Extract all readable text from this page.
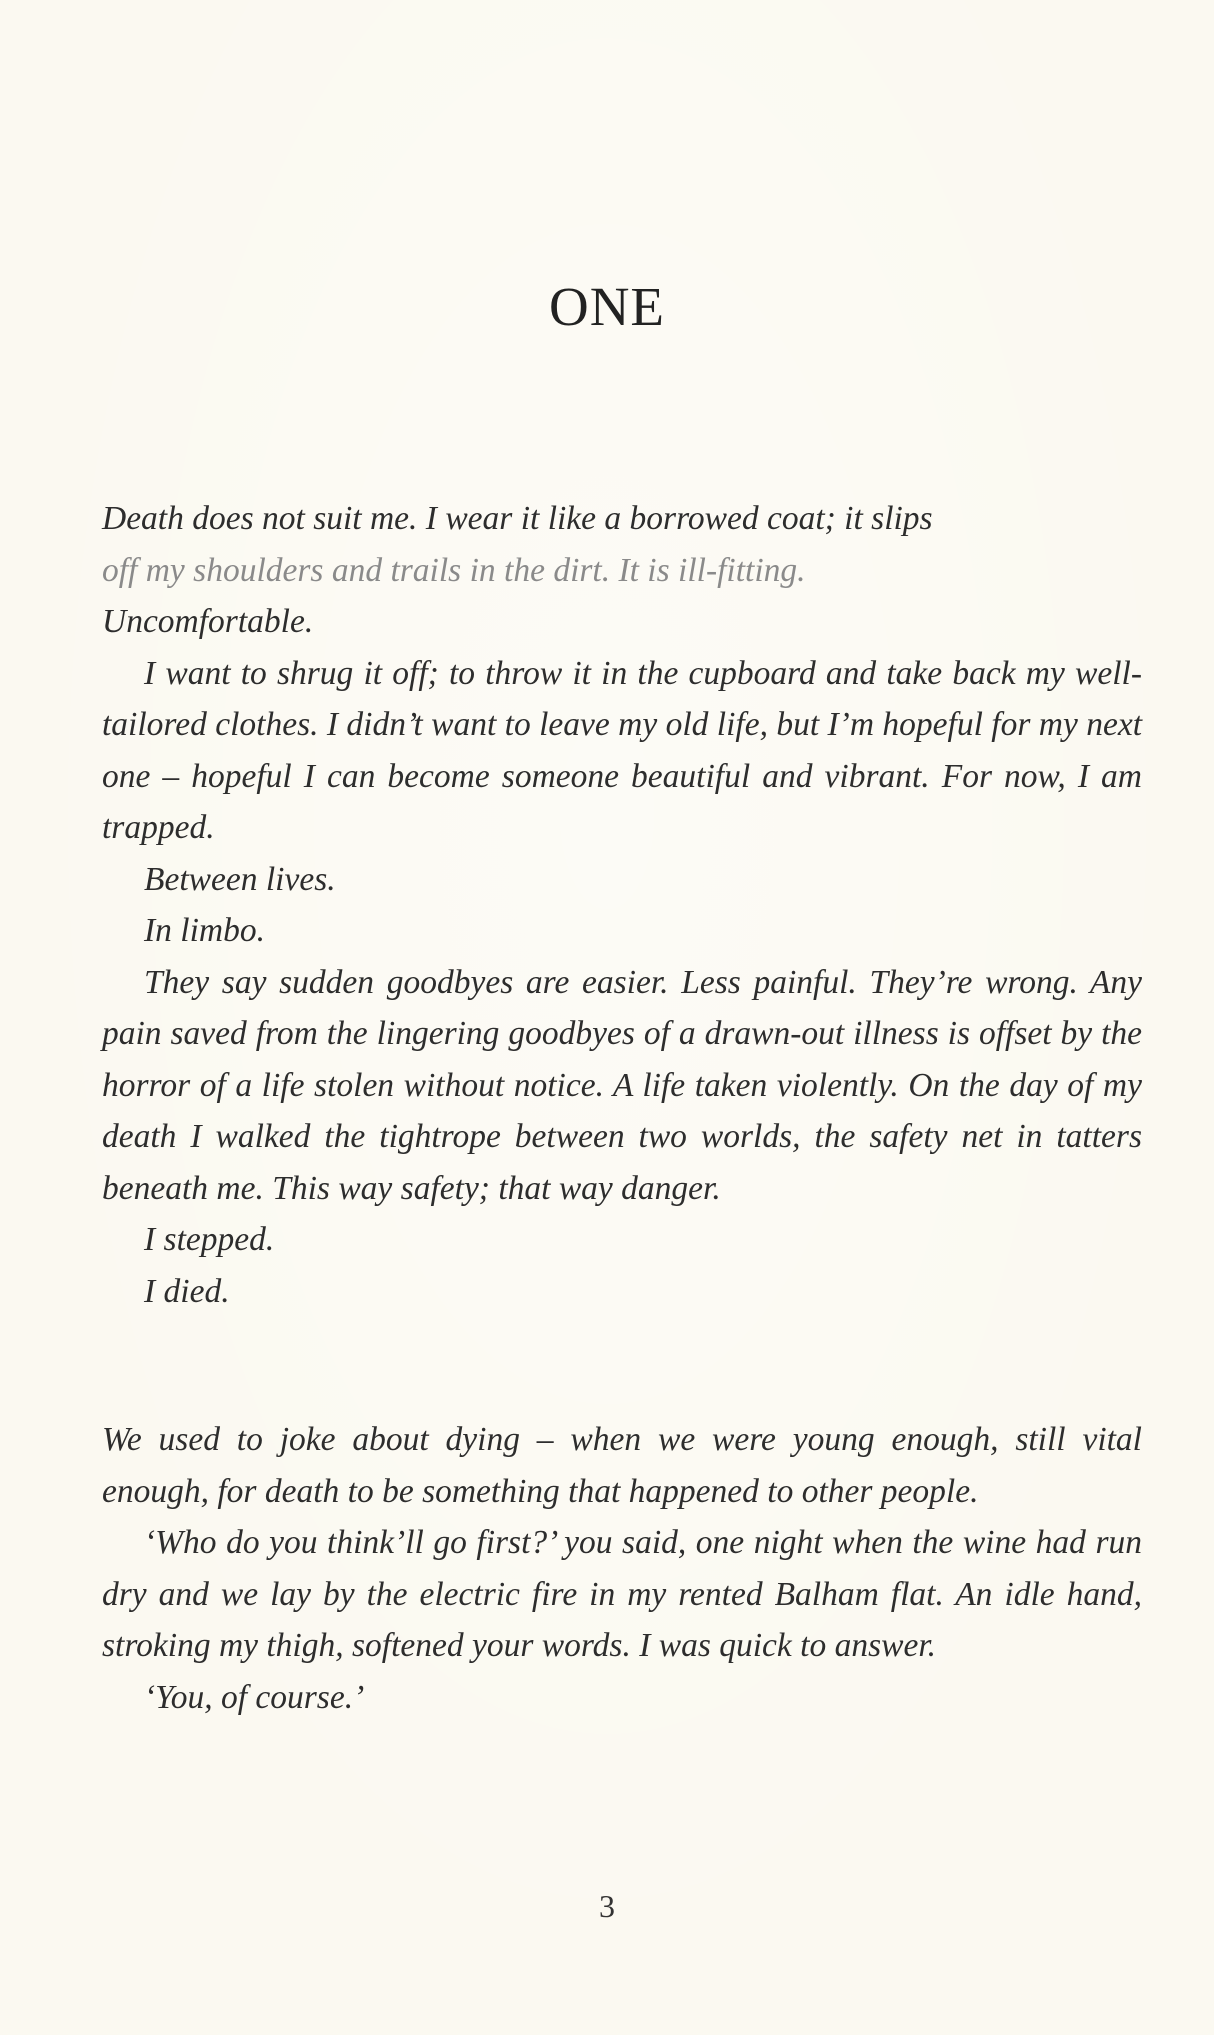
ONE

Death does not suit me. I wear it like a borrowed coat; it slips

off my shoulders and trails in the dirt. It is ill-fitting.

Uncomfortable.

I want to shrug it off; to throw it in the cupboard and take back my well-tailored clothes. I didn’t want to leave my old life, but I’m hopeful for my next one – hopeful I can become someone beautiful and vibrant. For now, I am trapped.

Between lives.

In limbo.

They say sudden goodbyes are easier. Less painful. They’re wrong. Any pain saved from the lingering goodbyes of a drawn-out illness is offset by the horror of a life stolen without notice. A life taken violently. On the day of my death I walked the tightrope between two worlds, the safety net in tatters beneath me. This way safety; that way danger.

I stepped.

I died.

We used to joke about dying – when we were young enough, still vital enough, for death to be something that happened to other people.

‘Who do you think’ll go first?’ you said, one night when the wine had run dry and we lay by the electric fire in my rented Balham flat. An idle hand, stroking my thigh, softened your words. I was quick to answer.

‘You, of course.’

3
